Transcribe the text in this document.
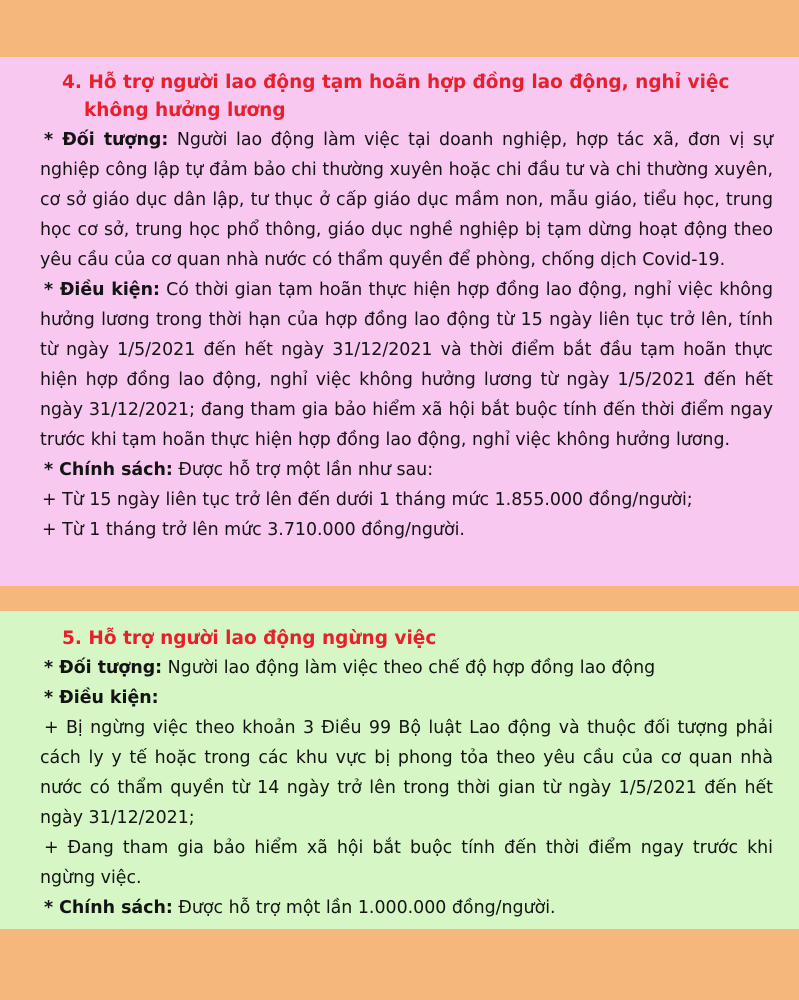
4. Hỗ trợ người lao động tạm hoãn hợp đồng lao động, nghỉ việc không hưởng lương

* Đối tượng: Người lao động làm việc tại doanh nghiệp, hợp tác xã, đơn vị sự nghiệp công lập tự đảm bảo chi thường xuyên hoặc chi đầu tư và chi thường xuyên, cơ sở giáo dục dân lập, tư thục ở cấp giáo dục mầm non, mẫu giáo, tiểu học, trung học cơ sở, trung học phổ thông, giáo dục nghề nghiệp bị tạm dừng hoạt động theo yêu cầu của cơ quan nhà nước có thẩm quyền để phòng, chống dịch Covid-19.

* Điều kiện: Có thời gian tạm hoãn thực hiện hợp đồng lao động, nghỉ việc không hưởng lương trong thời hạn của hợp đồng lao động từ 15 ngày liên tục trở lên, tính từ ngày 1/5/2021 đến hết ngày 31/12/2021 và thời điểm bắt đầu tạm hoãn thực hiện hợp đồng lao động, nghỉ việc không hưởng lương từ ngày 1/5/2021 đến hết ngày 31/12/2021; đang tham gia bảo hiểm xã hội bắt buộc tính đến thời điểm ngay trước khi tạm hoãn thực hiện hợp đồng lao động, nghỉ việc không hưởng lương.

* Chính sách: Được hỗ trợ một lần như sau:

+ Từ 15 ngày liên tục trở lên đến dưới 1 tháng mức 1.855.000 đồng/người;

+ Từ 1 tháng trở lên mức 3.710.000 đồng/người.

5. Hỗ trợ người lao động ngừng việc

* Đối tượng: Người lao động làm việc theo chế độ hợp đồng lao động

* Điều kiện:

+ Bị ngừng việc theo khoản 3 Điều 99 Bộ luật Lao động và thuộc đối tượng phải cách ly y tế hoặc trong các khu vực bị phong tỏa theo yêu cầu của cơ quan nhà nước có thẩm quyền từ 14 ngày trở lên trong thời gian từ ngày 1/5/2021 đến hết ngày 31/12/2021;

+ Đang tham gia bảo hiểm xã hội bắt buộc tính đến thời điểm ngay trước khi ngừng việc.

* Chính sách: Được hỗ trợ một lần 1.000.000 đồng/người.
